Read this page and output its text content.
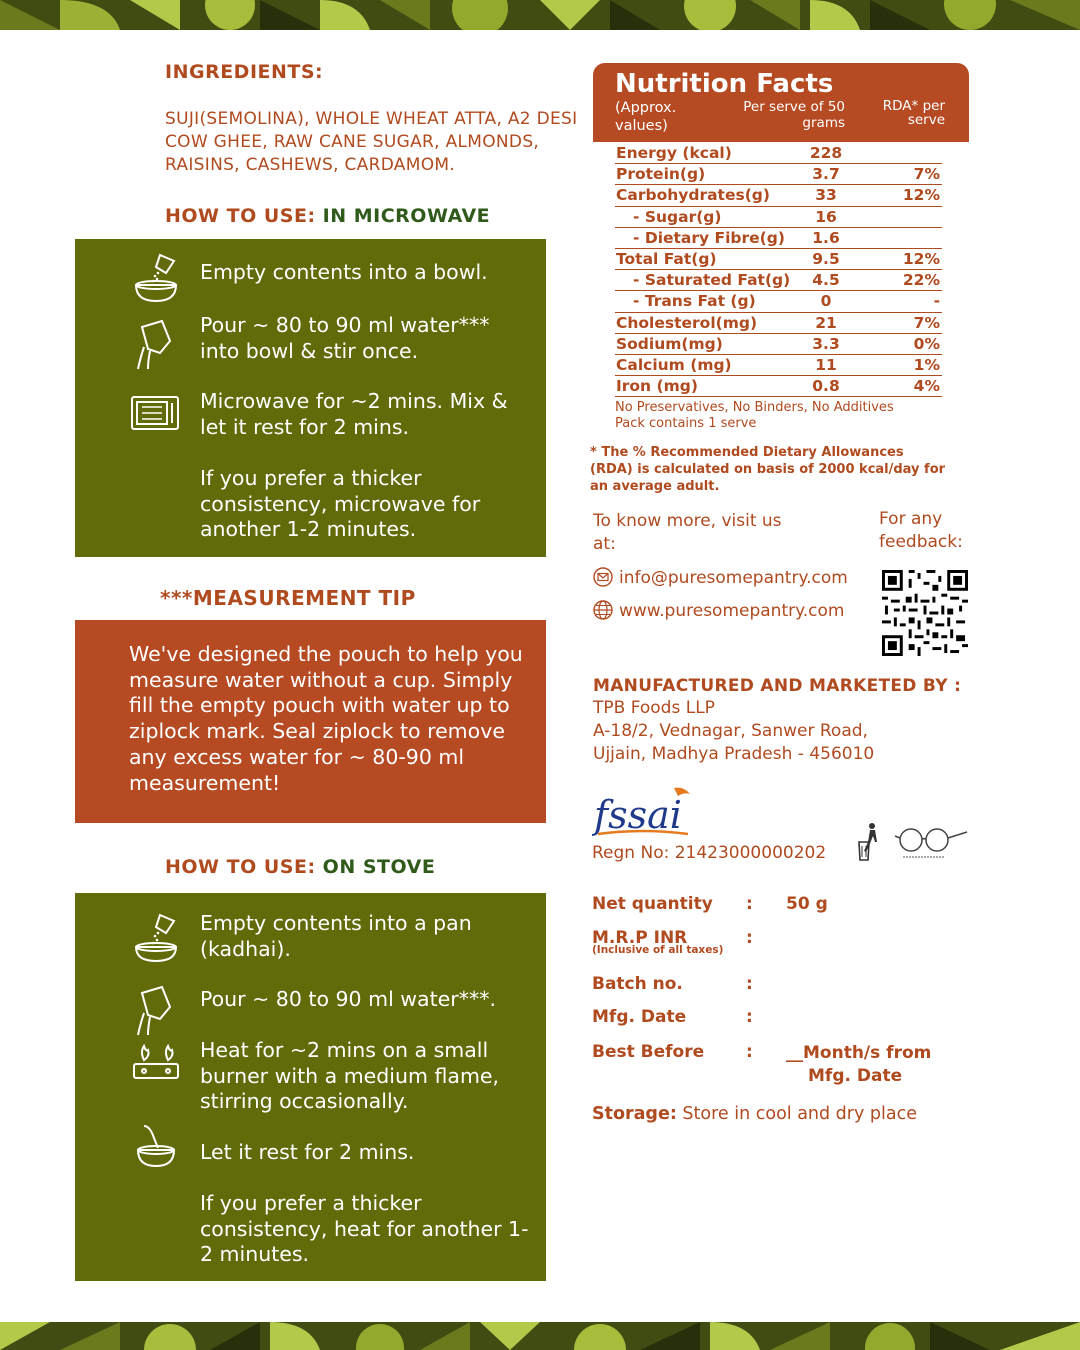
INGREDIENTS:
SUJI(SEMOLINA), WHOLE WHEAT ATTA, A2 DESI COW GHEE, RAW CANE SUGAR, ALMONDS, RAISINS, CASHEWS, CARDAMOM.
HOW TO USE: IN MICROWAVE
Empty contents into a bowl.
Pour ~ 80 to 90 ml water*** into bowl & stir once.
Microwave for ~2 mins. Mix & let it rest for 2 mins.
If you prefer a thicker consistency, microwave for another 1-2 minutes.
***MEASUREMENT TIP
We've designed the pouch to help you measure water without a cup. Simply fill the empty pouch with water up to ziplock mark. Seal ziplock to remove any excess water for ~ 80-90 ml measurement!
HOW TO USE: ON STOVE
Empty contents into a pan (kadhai).
Pour ~ 80 to 90 ml water***.
Heat for ~2 mins on a small burner with a medium flame, stirring occasionally.
Let it rest for 2 mins.
If you prefer a thicker consistency, heat for another 1-2 minutes.
Nutrition Facts
(Approx. values)
Per serve of 50 grams
RDA* per serve
Energy (kcal)	228
Protein(g)	3.7	7%
Carbohydrates(g)	33	12%
- Sugar(g)	16
- Dietary Fibre(g)	1.6
Total Fat(g)	9.5	12%
- Saturated Fat(g)	4.5	22%
- Trans Fat (g)	0	-
Cholesterol(mg)	21	7%
Sodium(mg)	3.3	0%
Calcium (mg)	11	1%
Iron (mg)	0.8	4%
No Preservatives, No Binders, No Additives
Pack contains 1 serve
* The % Recommended Dietary Allowances (RDA) is calculated on basis of 2000 kcal/day for an average adult.
To know more, visit us at:
For any feedback:
info@puresomepantry.com
www.puresomepantry.com
MANUFACTURED AND MARKETED BY :
TPB Foods LLP
A-18/2, Vednagar, Sanwer Road,
Ujjain, Madhya Pradesh - 456010
fssai
Regn No: 21423000000202
Net quantity : 50 g
M.R.P INR
(Inclusive of all taxes)
:
Batch no.	:
Mfg. Date	:
Best Before : __Month/s from
Mfg. Date
Storage: Store in cool and dry place
